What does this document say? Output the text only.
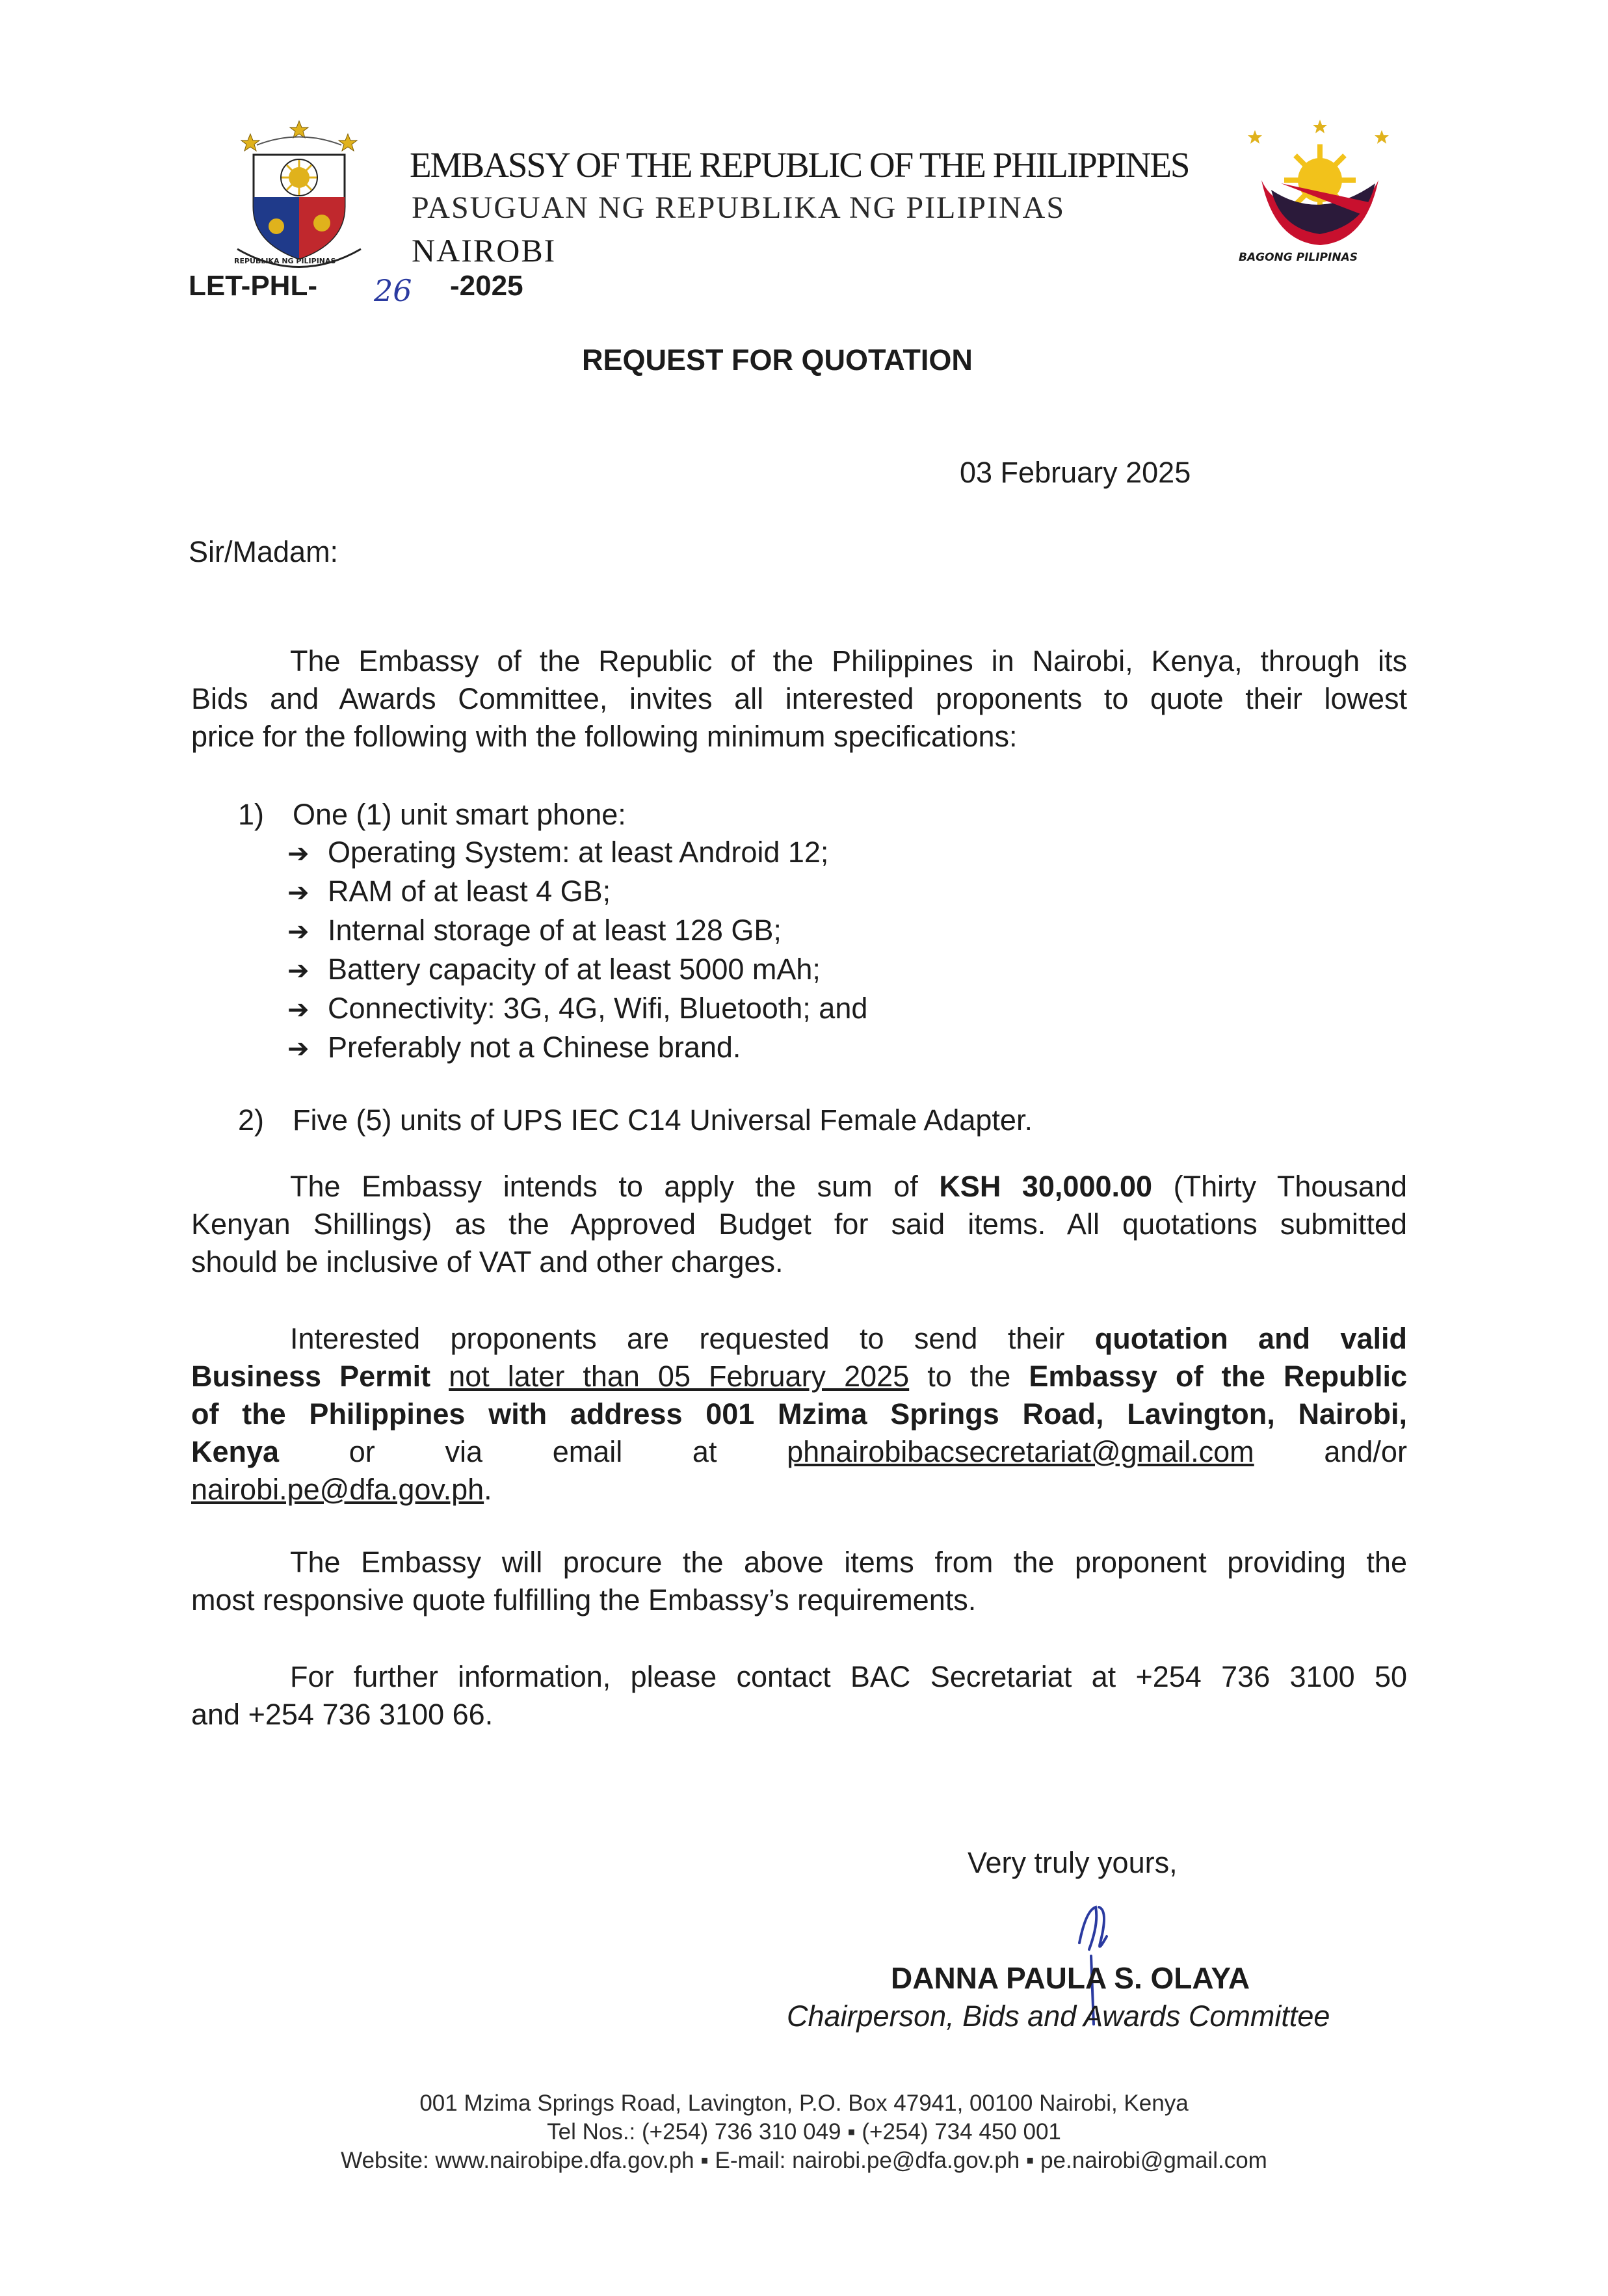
REPUBLIKA NG PILIPINAS
EMBASSY OF THE REPUBLIC OF THE PHILIPPINES
PASUGUAN NG REPUBLIKA NG PILIPINAS
NAIROBI	BAGONG PILIPINAS
LET-PHL- 26 -2025
REQUEST FOR QUOTATION
03 February 2025
Sir/Madam:
The Embassy of the Republic of the Philippines in Nairobi, Kenya, through its
Bids and Awards Committee, invites all interested proponents to quote their lowest
price for the following with the following minimum specifications:
1) One (1) unit smart phone:
➔ Operating System: at least Android 12;
➔ RAM of at least 4 GB;
➔ Internal storage of at least 128 GB;
➔ Battery capacity of at least 5000 mAh;
➔ Connectivity: 3G, 4G, Wifi, Bluetooth; and
➔ Preferably not a Chinese brand.
2) Five (5) units of UPS IEC C14 Universal Female Adapter.
The Embassy intends to apply the sum of KSH 30,000.00 (Thirty Thousand
Kenyan Shillings) as the Approved Budget for said items. All quotations submitted
should be inclusive of VAT and other charges.
Interested proponents are requested to send their quotation and valid
Business Permit not later than 05 February 2025 to the Embassy of the Republic
of the Philippines with address 001 Mzima Springs Road, Lavington, Nairobi,
Kenya or via email at phnairobibacsecretariat@gmail.com and/or
nairobi.pe@dfa.gov.ph.
The Embassy will procure the above items from the proponent providing the
most responsive quote fulfilling the Embassy’s requirements.
For further information, please contact BAC Secretariat at +254 736 3100 50
and +254 736 3100 66.
Very truly yours,
DANNA PAULA S. OLAYA
Chairperson, Bids and Awards Committee
001 Mzima Springs Road, Lavington, P.O. Box 47941, 00100 Nairobi, Kenya
Tel Nos.: (+254) 736 310 049 ▪ (+254) 734 450 001
Website: www.nairobipe.dfa.gov.ph ▪ E-mail: nairobi.pe@dfa.gov.ph ▪ pe.nairobi@gmail.com
